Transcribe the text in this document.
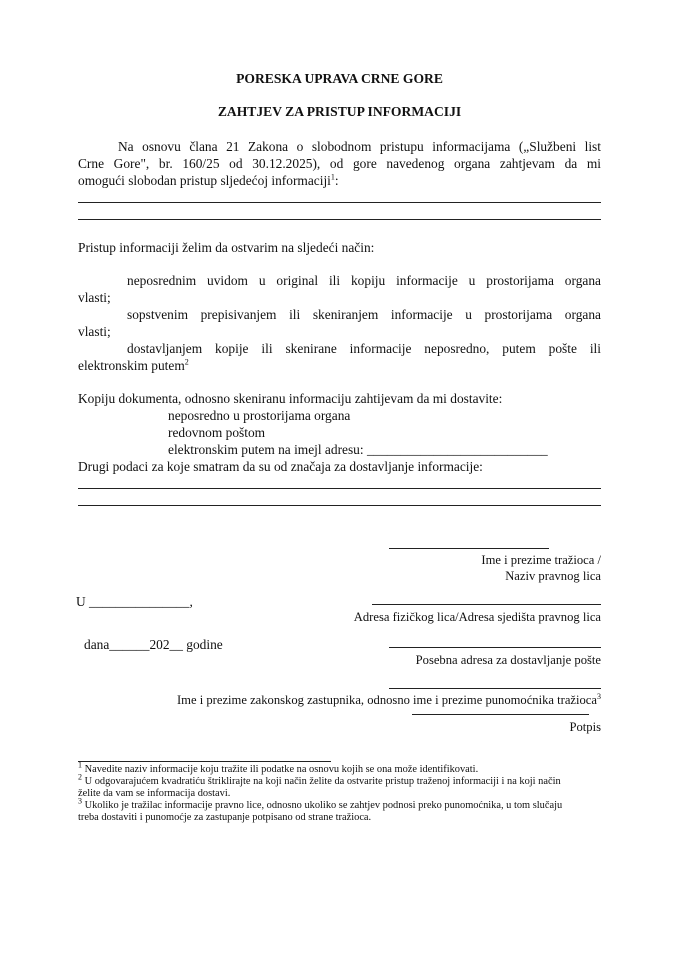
PORESKA UPRAVA CRNE GORE
ZAHTJEV ZA PRISTUP INFORMACIJI
Na osnovu člana 21 Zakona o slobodnom pristupu informacijama („Službeni list
Crne Gore", br. 160/25 od 30.12.2025), od gore navedenog organa zahtjevam da mi
omogući slobodan pristup sljedećoj informaciji$^1$:
Pristup informaciji želim da ostvarim na sljedeći način:
neposrednim uvidom u original ili kopiju informacije u prostorijama organa
vlasti;
sopstvenim prepisivanjem ili skeniranjem informacije u prostorijama organa
vlasti;
dostavljanjem kopije ili skenirane informacije neposredno, putem pošte ili
elektronskim putem$^2$
Kopiju dokumenta, odnosno skeniranu informaciju zahtijevam da mi dostavite:
neposredno u prostorijama organa
redovnom poštom
elektronskim putem na imejl adresu: ___________________________
Drugi podaci za koje smatram da su od značaja za dostavljanje informacije:
Ime i prezime tražioca /
Naziv pravnog lica
U _______________,
Adresa fizičkog lica/Adresa sjedišta pravnog lica
dana______202__ godine
Posebna adresa za dostavljanje pošte
Ime i prezime zakonskog zastupnika, odnosno ime i prezime punomoćnika tražioca$^3$
Potpis
$^1$ Navedite naziv informacije koju tražite ili podatke na osnovu kojih se ona može identifikovati.
$^2$ U odgovarajućem kvadratiću štriklirajte na koji način želite da ostvarite pristup traženoj informaciji i na koji način
želite da vam se informacija dostavi.
$^3$ Ukoliko je tražilac informacije pravno lice, odnosno ukoliko se zahtjev podnosi preko punomoćnika, u tom slučaju
treba dostaviti i punomoćje za zastupanje potpisano od strane tražioca.
